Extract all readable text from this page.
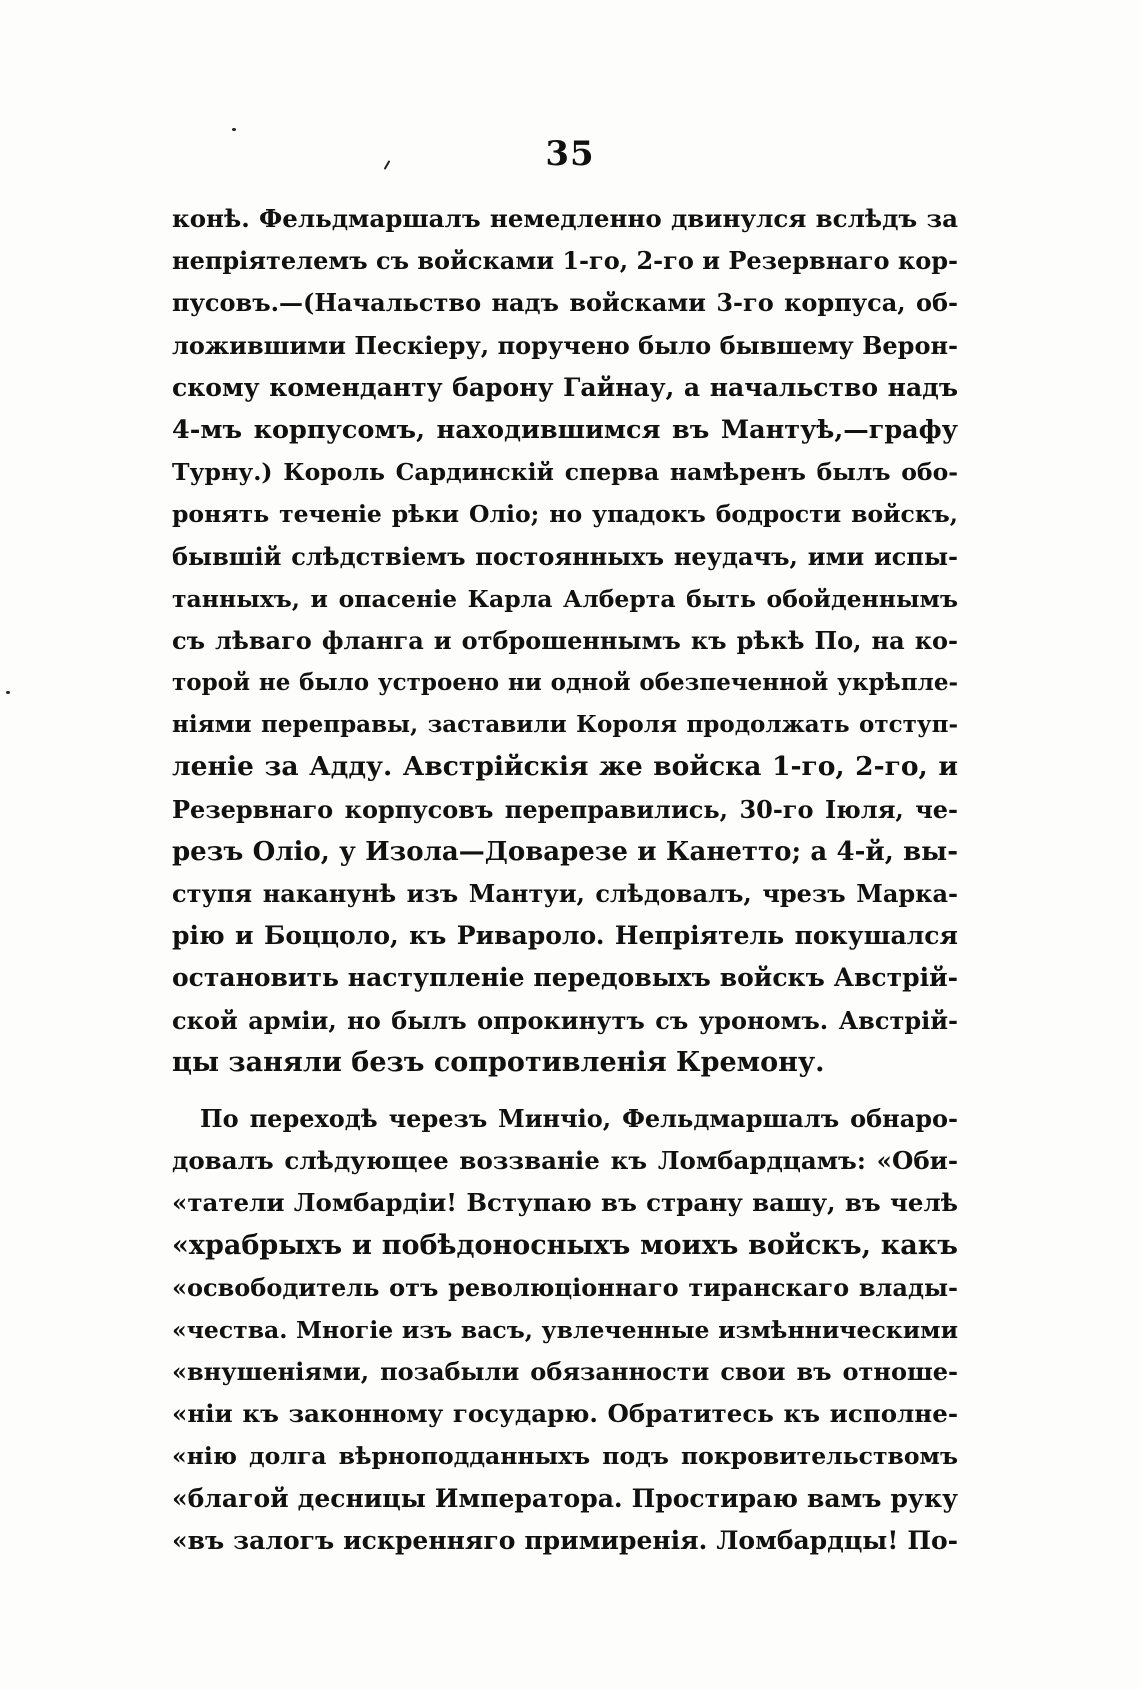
35
конѣ. Фельдмаршалъ немедленно двинулся вслѣдъ за
непріятелемъ съ войсками 1-го, 2-го и Резервнаго кор-
пусовъ.—(Начальство надъ войсками 3-го корпуса, об-
ложившими Пескіеру, поручено было бывшему Верон-
скому коменданту барону Гайнау, а начальство надъ
4-мъ корпусомъ, находившимся въ Мантуѣ,—графу
Турну.) Король Сардинскій сперва намѣренъ былъ обо-
ронять теченіе рѣки Оліо; но упадокъ бодрости войскъ,
бывшій слѣдствіемъ постоянныхъ неудачъ, ими испы-
танныхъ, и опасеніе Карла Алберта быть обойденнымъ
съ лѣваго фланга и отброшеннымъ къ рѣкѣ По, на ко-
торой не было устроено ни одной обезпеченной укрѣпле-
ніями переправы, заставили Короля продолжать отступ-
леніе за Адду. Австрійскія же войска 1-го, 2-го, и
Резервнаго корпусовъ переправились, 30-го Іюля, че-
резъ Оліо, у Изола—Доварезе и Канетто; а 4-й, вы-
ступя наканунѣ изъ Мантуи, слѣдовалъ, чрезъ Марка-
рію и Боццоло, къ Риваролo. Непріятель покушался
остановить наступленіе передовыхъ войскъ Австрій-
ской арміи, но былъ опрокинутъ съ урономъ. Австрій-
цы заняли безъ сопротивленія Кремону.
По переходѣ черезъ Минчіо, Фельдмаршалъ обнарo-
довалъ слѣдующее воззваніе къ Ломбардцамъ: «Оби-
«татели Ломбардіи! Вступаю въ страну вашу, въ челѣ
«храбрыхъ и побѣдоносныхъ моихъ войскъ, какъ
«освободитель отъ революціоннаго тиранскаго влады-
«чества. Многіе изъ васъ, увлеченные измѣнническими
«внушеніями, позабыли обязанности свои въ отноше-
«ніи къ законному государю. Обратитесь къ исполне-
«нію долга вѣрноподданныхъ подъ покровительствомъ
«благой десницы Императора. Простираю вамъ руку
«въ залогъ искренняго примиренія. Ломбардцы! По-
